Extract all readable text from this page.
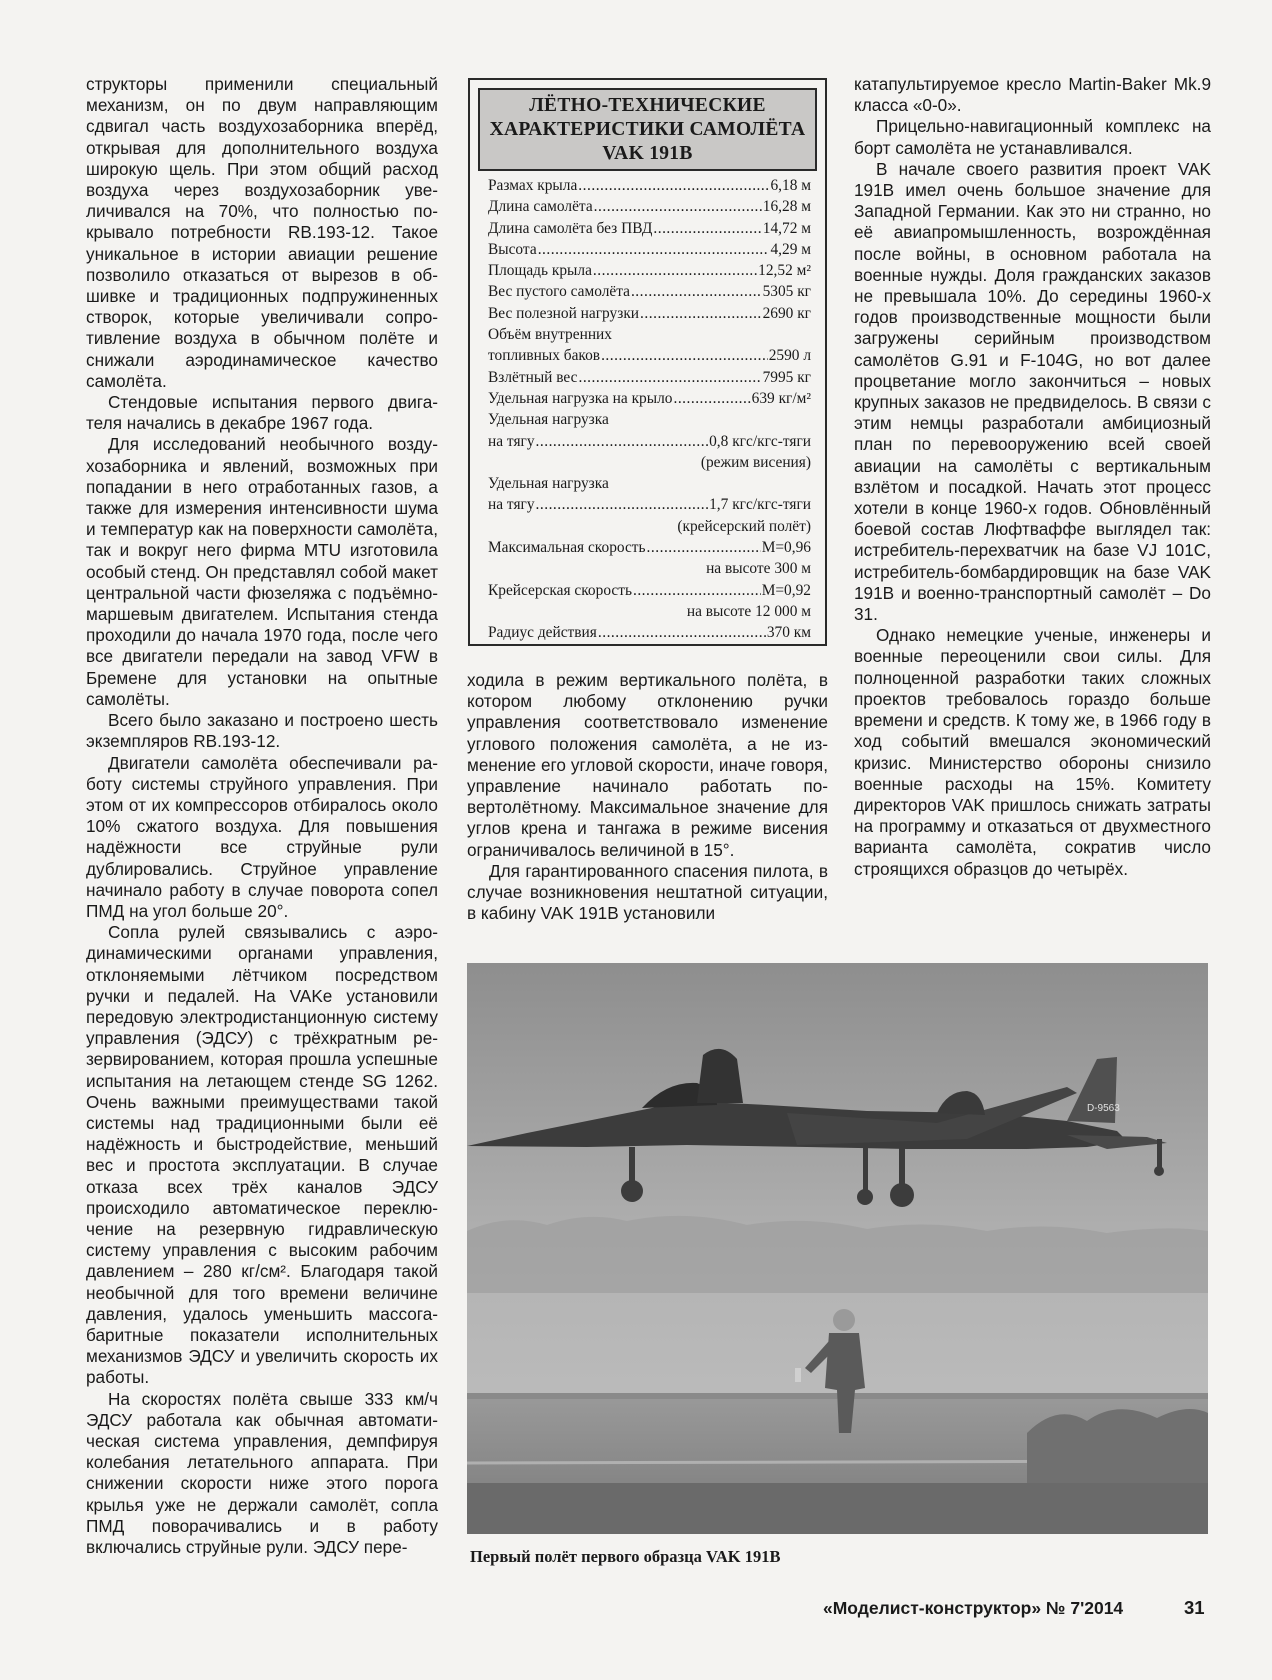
структоры применили специальный механизм, он по двум направляющим сдвигал часть воздухозаборника вперёд, открывая для дополнительного воздуха широкую щель. При этом общий расход воздуха через воздухозаборник увеличивался на 70%, что полностью покрывало потребности RB.193-12. Такое уникальное в истории авиации решение позволило отказаться от вырезов в обшивке и традиционных подпружиненных створок, которые увеличивали сопротивление воздуха в обычном полёте и снижали аэродинамическое качество самолёта.

Стендовые испытания первого двигателя начались в декабре 1967 года.

Для исследований необычного воздухозаборника и явлений, возможных при попадании в него отработанных газов, а также для измерения интенсивности шума и температур как на поверхности самолёта, так и вокруг него фирма MTU изготовила особый стенд. Он представлял собой макет центральной части фюзеляжа с подъёмно-маршевым двигателем. Испытания стенда проходили до начала 1970 года, после чего все двигатели передали на завод VFW в Бремене для установки на опытные самолёты.

Всего было заказано и построено шесть экземпляров RB.193-12.

Двигатели самолёта обеспечивали работу системы струйного управления. При этом от их компрессоров отбиралось около 10% сжатого воздуха. Для повышения надёжности все струйные рули дублировались. Струйное управление начинало работу в случае поворота сопел ПМД на угол больше 20°.

Сопла рулей связывались с аэродинамическими органами управления, отклоняемыми лётчиком посредством ручки и педалей. На VAKe установили передовую электродистанционную систему управления (ЭДСУ) с трёхкратным резервированием, которая прошла успешные испытания на летающем стенде SG 1262. Очень важными преимуществами такой системы над традиционными были её надёжность и быстродействие, меньший вес и простота эксплуатации. В случае отказа всех трёх каналов ЭДСУ происходило автоматическое переключение на резервную гидравлическую систему управления с высоким рабочим давлением – 280 кг/см². Благодаря такой необычной для того времени величине давления, удалось уменьшить массогабаритные показатели исполнительных механизмов ЭДСУ и увеличить скорость их работы.

На скоростях полёта свыше 333 км/ч ЭДСУ работала как обычная автоматическая система управления, демпфируя колебания летательного аппарата. При снижении скорости ниже этого порога крылья уже не держали самолёт, сопла ПМД поворачивались и в работу включались струйные рули. ЭДСУ пере-

ЛЁТНО-ТЕХНИЧЕСКИЕ ХАРАКТЕРИСТИКИ САМОЛЁТА VAK 191B
Размах крыла .....	6,18 м
Длина самолёта .....	16,28 м
Длина самолёта без ПВД .....	14,72 м
Высота .....	4,29 м
Площадь крыла .....	12,52 м²
Вес пустого самолёта .....	5305 кг
Вес полезной нагрузки .....	2690 кг
Объём внутренних
топливных баков .....	2590 л
Взлётный вес .....	7995 кг
Удельная нагрузка на крыло .....	639 кг/м²
Удельная нагрузка
на тягу .....	0,8 кгс/кгс-тяги
(режим висения)
Удельная нагрузка
на тягу .....	1,7 кгс/кгс-тяги
(крейсерский полёт)
Максимальная скорость .....	М=0,96
на высоте 300 м
Крейсерская скорость .....	М=0,92
на высоте 12 000 м
Радиус действия .....	370 км

ходила в режим вертикального полёта, в котором любому отклонению ручки управления соответствовало изменение углового положения самолёта, а не изменение его угловой скорости, иначе говоря, управление начинало работать по-вертолётному. Максимальное значение для углов крена и тангажа в режиме висения ограничивалось величиной в 15°.

Для гарантированного спасения пилота, в случае возникновения нештатной ситуации, в кабину VAK 191B установили

катапультируемое кресло Martin-Baker Mk.9 класса «0-0».

Прицельно-навигационный комплекс на борт самолёта не устанавливался.

В начале своего развития проект VAK 191B имел очень большое значение для Западной Германии. Как это ни странно, но её авиапромышленность, возрождённая после войны, в основном работала на военные нужды. Доля гражданских заказов не превышала 10%. До середины 1960-х годов производственные мощности были загружены серийным производством самолётов G.91 и F-104G, но вот далее процветание могло закончиться – новых крупных заказов не предвиделось. В связи с этим немцы разработали амбициозный план по перевооружению всей своей авиации на самолёты с вертикальным взлётом и посадкой. Начать этот процесс хотели в конце 1960-х годов. Обновлённый боевой состав Люфтваффе выглядел так: истребитель-перехватчик на базе VJ 101C, истребитель-бомбардировщик на базе VAK 191B и военно-транспортный самолёт – Do 31.

Однако немецкие ученые, инженеры и военные переоценили свои силы. Для полноценной разработки таких сложных проектов требовалось гораздо больше времени и средств. К тому же, в 1966 году в ход событий вмешался экономический кризис. Министерство обороны снизило военные расходы на 15%. Комитету директоров VAK пришлось снижать затраты на программу и отказаться от двухместного варианта самолёта, сократив число строящихся образцов до четырёх.

D-9563
Первый полёт первого образца VAK 191B
«Моделист-конструктор» № 7'2014	31
